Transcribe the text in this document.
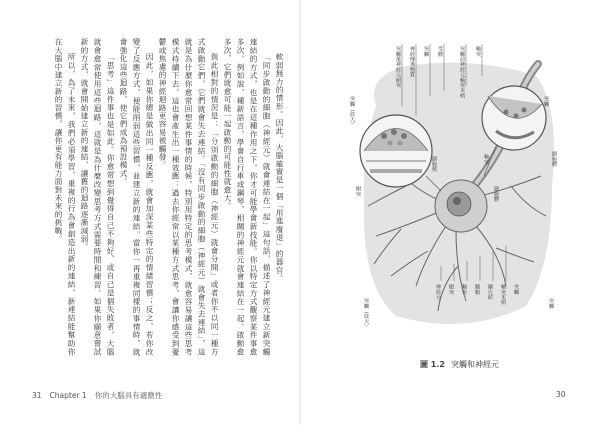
軟弱無力的情形。因此，大腦確實是一個「用進廢退」的器官。

「同步啟動的細胞（神經元）就會連結在一起」這句話，描述了神經元建立新突觸連結的方式，也是在這種作用之下，你才可能學會新技能。你以特定方式觀察某件事愈多次，例如說，種新語言，學會自行車或鋼琴，相關的神經元就會連結在一起。啟動愈多次，它們就愈可能一起啟動的可能性就愈大。

與此相對的情況是：「分別啟動的細胞（神經元）就會分開」或者你不以同一種方式啟動它們，它們就會失去連結。「沒有同步啟動的細胞（神經元）就會失去連結」，這就是為什麼你愈常回想某件事情的時候，特別用特定的思考模式，就愈容易讓這些思考模式持續下去。這也會產生出一種效應：過去你經常以某種方式思考，會讓你感受到憂鬱或焦慮的神經迴路更容易被觸發。

因此，如果你總是做出同一種反應，就會加深某些特定的情緒習慣；反之，若你改變了反應方式，便能削弱這些習慣，並建立新的連結。當你一再重複同樣的事情時，就會強化這些迴路，使它們成為預設模式。

「思考」這件事也是如此。你愈常想到覺得自己不夠好、或自己是個失敗者，大腦就會愈常使用這些迴路，這就是為什麼改變思考方式需要時間和練習。如果你願意嘗試新的方式，就會開始建立新的連結，讓舊的迴路逐漸減弱。

所以，為了未來，我們必須學習，重複的行為會創造出新的連結，新連結能幫助你在大腦中建立新的習慣，讓你更有能力面對未來的挑戰。	突觸後神經元樹突 神經傳導物質 突觸 受體	突觸前神經元軸突末梢 軸突
突觸
細胞體
突觸（放大）
樹突
細胞核	軸突
細胞體
突觸（放大）
神經元 樹突 軸突 髓鞘 蘭氏結 軸突末梢 突觸
突觸
圖 1.2 突觸和神經元
31 Chapter 1 你的大腦具有適應性	30
